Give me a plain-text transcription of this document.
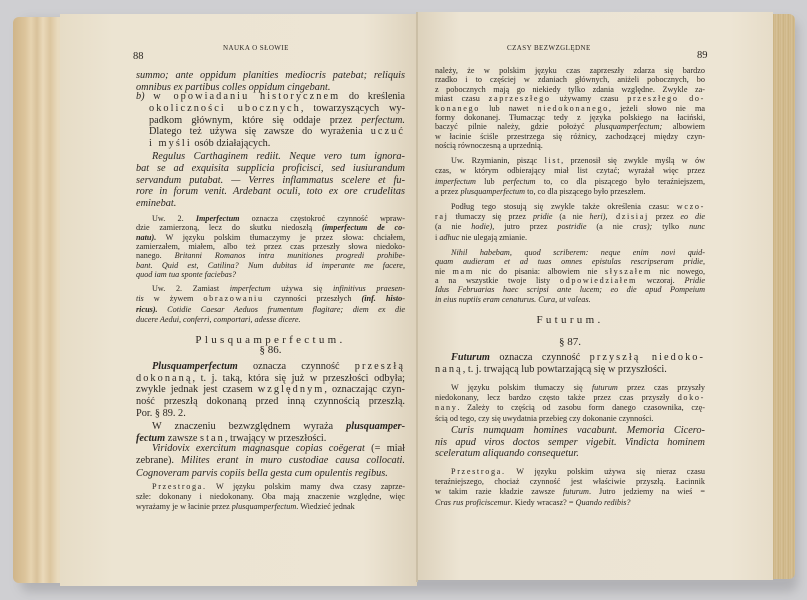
88
NAUKA O SŁOWIE
summo; ante oppidum planities mediocris patebat; reliquis
omnibus ex partibus colles oppidum cingebant.
b) w opowiadaniu historycznem do kreślenia
okoliczności ubocznych, towarzyszących wy-
padkom głównym, które się oddaje przez perfectum.
Dlatego też używa się zawsze do wyrażenia uczuć
i myśli osób działających.
Regulus Carthaginem rediit. Neque vero tum ignora-
bat se ad exquisita supplicia proficisci, sed iusiurandum
servandum putabat. — Verres inflammatus scelere et fu-
rore in forum venit. Ardebant oculi, toto ex ore crudelitas
eminebat.
Uw. 2. Imperfectum oznacza częstokroć czynność wpraw-
dzie zamierzoną, lecz do skutku niedoszłą (imperfectum de co-
natu). W języku polskim tłumaczymy je przez słowa: chciałem,
zamierzałem, miałem, albo też przez czas przeszły słowa niedoko-
nanego. Britanni Romanos intra munitiones progredi prohibe-
bant. Quid est, Catilina? Num dubitas id imperante me facere,
quod iam tua sponte faciebas?
Uw. 2. Zamiast imperfectum używa się infinitivus praesen-
tis w żywem obrazowaniu czynności przeszłych (inf. histo-
ricus). Cotidie Caesar Aeduos frumentum flagitare; diem ex die
ducere Aedui, conferri, comportari, adesse dicere.
Plusquamperfectum.
§ 86.
Plusquamperfectum oznacza czynność przeszłą
dokonaną, t. j. taką, która się już w przeszłości odbyła;
zwykle jednak jest czasem względnym, oznaczając czyn-
ność przeszłą dokonaną przed inną czynnością przeszłą.
Por. § 89. 2.
W znaczeniu bezwzględnem wyraża plusquamper-
fectum zawsze stan, trwający w przeszłości.
Viridovix exercitum magnasque copias coëgerat (= miał
zebrane). Milites erant in muro custodiae causa collocati.
Cognoveram parvis copiis bella gesta cum opulentis regibus.
Przestroga. W języku polskim mamy dwa czasy zaprze-
szłe: dokonany i niedokonany. Oba mają znaczenie względne, więc
wyrażamy je w łacinie przez plusquamperfectum. Wiedzieć jednak
CZASY BEZWZGLĘDNE
89
należy, że w polskim języku czas zaprzeszły zdarza się bardzo
rzadko i to częściej w zdaniach głównych, aniżeli pobocznych, bo
z pobocznych mają go niekiedy tylko zdania względne. Zwykle za-
miast czasu zaprzeszłego używamy czasu przeszłego do-
konanego lub nawet niedokonanego, jeżeli słowo nie ma
formy dokonanej. Tłumacząc tedy z języka polskiego na łaciński,
baczyć pilnie należy, gdzie położyć plusquamperfectum; albowiem
w łacinie ściśle przestrzega się różnicy, zachodzącej między czyn-
nością równoczesną a uprzednią.
Uw. Rzymianin, pisząc list, przenosił się zwykle myślą w ów
czas, w którym odbierający miał list czytać; wyrażał więc przez
imperfectum lub perfectum to, co dla piszącego było teraźniejszem,
a przez plusquamperfectum to, co dla piszącego było przeszłem.
Podług tego stosują się zwykle także określenia czasu: wczo-
raj tłumaczy się przez pridie (a nie heri), dzisiaj przez eo die
(a nie hodie), jutro przez postridie (a nie cras); tylko nunc
i adhuc nie ulegają zmianie.
Nihil habebam, quod scriberem: neque enim novi quid-
quam audieram et ad tuas omnes epistulas rescripseram pridie,
nie mam nic do pisania: albowiem nie słyszałem nic nowego,
a na wszystkie twoje listy odpowiedziałem wczoraj. Pridie
Idus Februarias haec scripsi ante lucem; eo die apud Pompeium
in eius nuptiis eram cenaturus. Cura, ut valeas.
Futurum.
§ 87.
Futurum oznacza czynność przyszłą niedoko-
naną, t. j. trwającą lub powtarzającą się w przyszłości.
W języku polskim tłumaczy się futurum przez czas przyszły
niedokonany, lecz bardzo często także przez czas przyszły doko-
nany. Zależy to częścią od zasobu form danego czasownika, czę-
ścią od tego, czy się uwydatnia przebieg czy dokonanie czynności.
Curis numquam homines vacabunt. Memoria Cicero-
nis apud viros doctos semper vigebit. Vindicta hominem
sceleratum aliquando consequetur.
Przestroga. W języku polskim używa się nieraz czasu
teraźniejszego, chociaż czynność jest właściwie przyszłą. Łacinnik
w takim razie kładzie zawsze futurum. Jutro jedziemy na wieś =
Cras rus proficiscemur. Kiedy wracasz? = Quando redibis?
